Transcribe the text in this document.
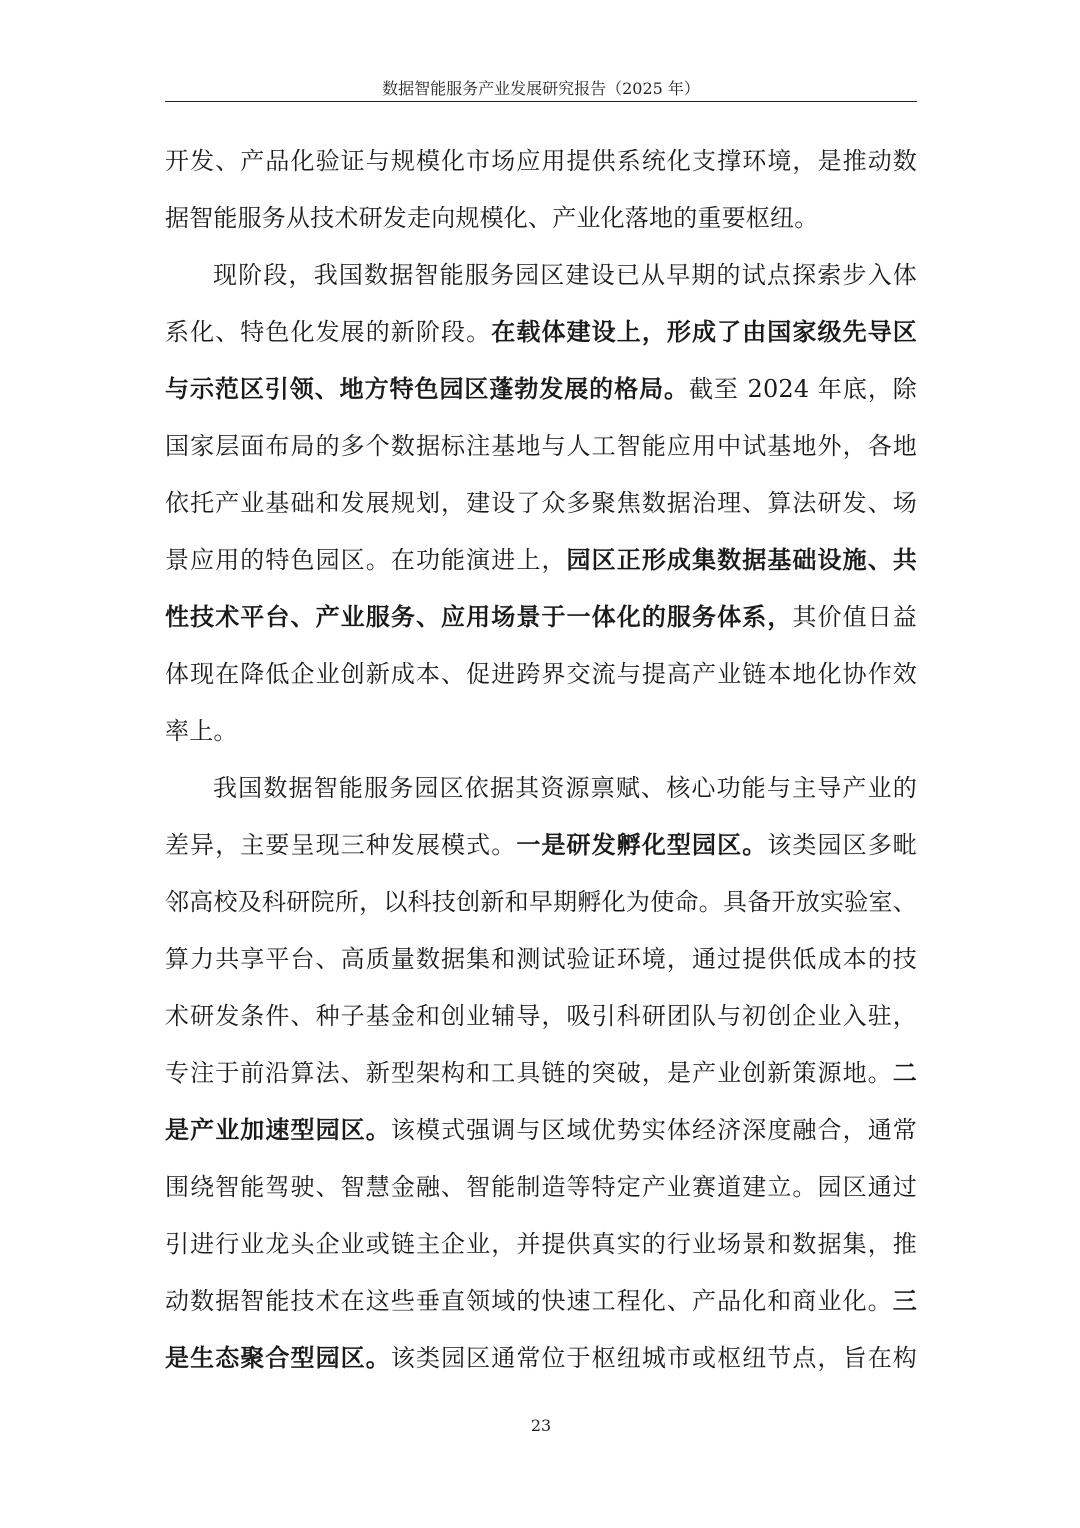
数据智能服务产业发展研究报告（2025 年）
开发、产品化验证与规模化市场应用提供系统化支撑环境，是推动数
据智能服务从技术研发走向规模化、产业化落地的重要枢纽。
现阶段，我国数据智能服务园区建设已从早期的试点探索步入体
系化、特色化发展的新阶段。在载体建设上，形成了由国家级先导区
与示范区引领、地方特色园区蓬勃发展的格局。截至 2024 年底，除
国家层面布局的多个数据标注基地与人工智能应用中试基地外，各地
依托产业基础和发展规划，建设了众多聚焦数据治理、算法研发、场
景应用的特色园区。在功能演进上，园区正形成集数据基础设施、共
性技术平台、产业服务、应用场景于一体化的服务体系，其价值日益
体现在降低企业创新成本、促进跨界交流与提高产业链本地化协作效
率上。
我国数据智能服务园区依据其资源禀赋、核心功能与主导产业的
差异，主要呈现三种发展模式。一是研发孵化型园区。该类园区多毗
邻高校及科研院所，以科技创新和早期孵化为使命。具备开放实验室、
算力共享平台、高质量数据集和测试验证环境，通过提供低成本的技
术研发条件、种子基金和创业辅导，吸引科研团队与初创企业入驻，
专注于前沿算法、新型架构和工具链的突破，是产业创新策源地。二
是产业加速型园区。该模式强调与区域优势实体经济深度融合，通常
围绕智能驾驶、智慧金融、智能制造等特定产业赛道建立。园区通过
引进行业龙头企业或链主企业，并提供真实的行业场景和数据集，推
动数据智能技术在这些垂直领域的快速工程化、产品化和商业化。三
是生态聚合型园区。该类园区通常位于枢纽城市或枢纽节点，旨在构
23
